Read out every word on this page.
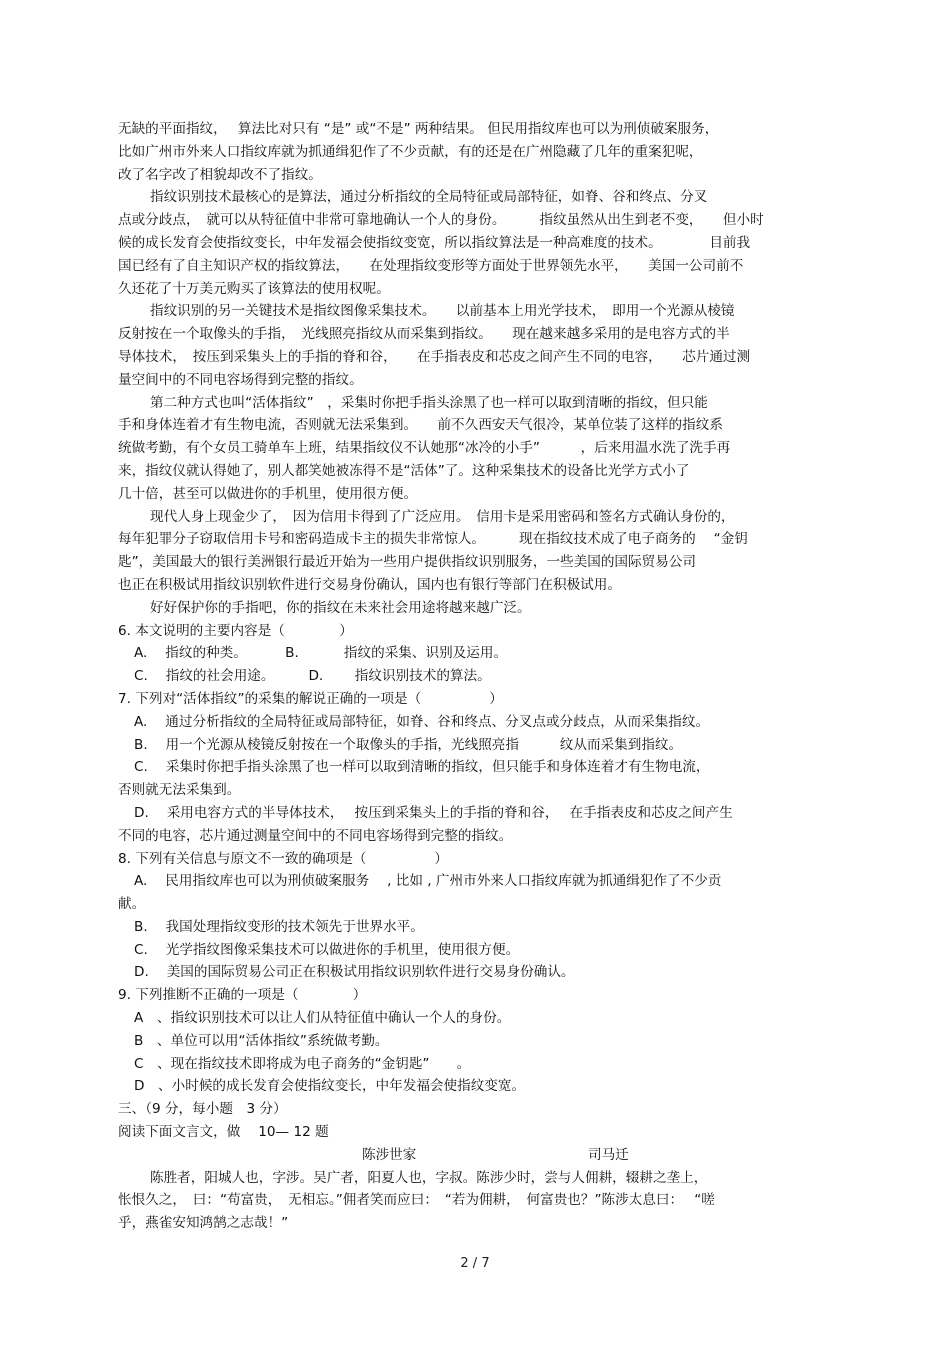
无缺的平面指纹，　 算法比对只有 “是” 或“不是” 两种结果。 但民用指纹库也可以为刑侦破案服务，

比如广州市外来人口指纹库就为抓通缉犯作了不少贡献，有的还是在广州隐藏了几年的重案犯呢，

改了名字改了相貌却改不了指纹。

指纹识别技术最核心的是算法，通过分析指纹的全局特征或局部特征，如脊、谷和终点、分叉

点或分歧点，　就可以从特征值中非常可靠地确认一个人的身份。　　　指纹虽然从出生到老不变，　　但小时

候的成长发育会使指纹变长，中年发福会使指纹变宽，所以指纹算法是一种高难度的技术。　　　　目前我

国已经有了自主知识产权的指纹算法，　　在处理指纹变形等方面处于世界领先水平，　　美国一公司前不

久还花了十万美元购买了该算法的使用权呢。

指纹识别的另一关键技术是指纹图像采集技术。　　以前基本上用光学技术，　即用一个光源从棱镜

反射按在一个取像头的手指，　光线照亮指纹从而采集到指纹。　　现在越来越多采用的是电容方式的半

导体技术，　按压到采集头上的手指的脊和谷，　　在手指表皮和芯皮之间产生不同的电容，　　芯片通过测

量空间中的不同电容场得到完整的指纹。

第二种方式也叫“活体指纹”　，采集时你把手指头涂黑了也一样可以取到清晰的指纹，但只能

手和身体连着才有生物电流，否则就无法采集到。　　前不久西安天气很冷，某单位装了这样的指纹系

统做考勤，有个女员工骑单车上班，结果指纹仪不认她那“冰冷的小手”　　　，后来用温水洗了洗手再

来，指纹仪就认得她了，别人都笑她被冻得不是“活体”了。这种采集技术的设备比光学方式小了

几十倍，甚至可以做进你的手机里，使用很方便。

现代人身上现金少了，　因为信用卡得到了广泛应用。　信用卡是采用密码和签名方式确认身份的，

每年犯罪分子窃取信用卡号和密码造成卡主的损失非常惊人。　　　现在指纹技术成了电子商务的　 “金钥

匙”，美国最大的银行美洲银行最近开始为一些用户提供指纹识别服务，一些美国的国际贸易公司

也正在积极试用指纹识别软件进行交易身份确认，国内也有银行等部门在积极试用。

好好保护你的手指吧，你的指纹在未来社会用途将越来越广泛。

6. 本文说明的主要内容是（　　　　）

A.　 指纹的种类。　　　 B.　　　 指纹的采集、识别及运用。

C.　 指纹的社会用途。　　　D.　　 指纹识别技术的算法。

7. 下列对“活体指纹”的采集的解说正确的一项是（　　　　　）

A.　 通过分析指纹的全局特征或局部特征，如脊、谷和终点、分叉点或分歧点，从而采集指纹。

B.　 用一个光源从棱镜反射按在一个取像头的手指，光线照亮指　　　纹从而采集到指纹。

C.　 采集时你把手指头涂黑了也一样可以取到清晰的指纹，但只能手和身体连着才有生物电流，

否则就无法采集到。

D.　 采用电容方式的半导体技术，　 按压到采集头上的手指的脊和谷，　 在手指表皮和芯皮之间产生

不同的电容，芯片通过测量空间中的不同电容场得到完整的指纹。

8. 下列有关信息与原文不一致的确项是（　　　　　）

A.　 民用指纹库也可以为刑侦破案服务　 , 比如 , 广州市外来人口指纹库就为抓通缉犯作了不少贡

献。

B.　 我国处理指纹变形的技术领先于世界水平。

C.　 光学指纹图像采集技术可以做进你的手机里，使用很方便。

D.　 美国的国际贸易公司正在积极试用指纹识别软件进行交易身份确认。

9. 下列推断不正确的一项是（　　　　）

A　、指纹识别技术可以让人们从特征值中确认一个人的身份。

B　、单位可以用“活体指纹”系统做考勤。

C　、现在指纹技术即将成为电子商务的“金钥匙”　　。

D　、小时候的成长发育会使指纹变长，中年发福会使指纹变宽。

三、（9 分，每小题　3 分）

阅读下面文言文，做　 10— 12 题

陈涉世家	司马迁

陈胜者，阳城人也，字涉。吴广者，阳夏人也，字叔。陈涉少时，尝与人佣耕，辍耕之垄上，

怅恨久之，　曰：“苟富贵，　无相忘。”佣者笑而应曰：　“若为佣耕，　何富贵也？”陈涉太息曰：　 “嗟

乎，燕雀安知鸿鹄之志哉！”

2 / 7
